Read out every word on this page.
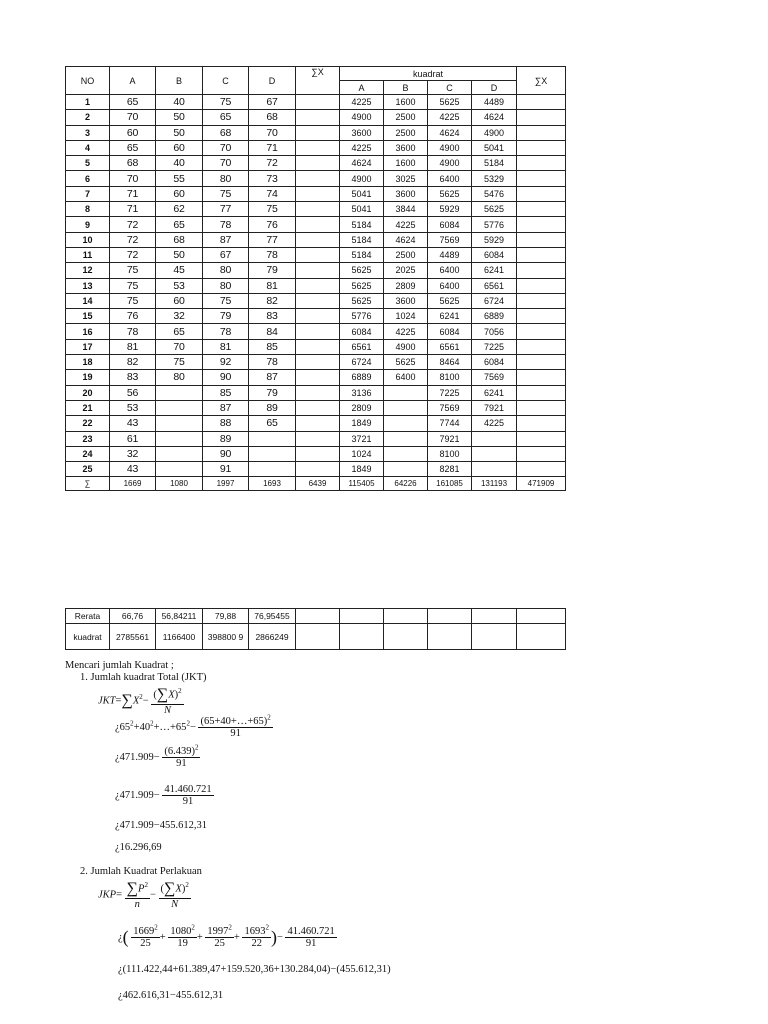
NO	A	B	C	D	∑X	kuadrat				∑X
						A	B	C	D	
1	65	40	75	67		4225	1600	5625	4489	
2	70	50	65	68		4900	2500	4225	4624	
3	60	50	68	70		3600	2500	4624	4900	
4	65	60	70	71		4225	3600	4900	5041	
5	68	40	70	72		4624	1600	4900	5184	
6	70	55	80	73		4900	3025	6400	5329	
7	71	60	75	74		5041	3600	5625	5476	
8	71	62	77	75		5041	3844	5929	5625	
9	72	65	78	76		5184	4225	6084	5776	
10	72	68	87	77		5184	4624	7569	5929	
11	72	50	67	78		5184	2500	4489	6084	
12	75	45	80	79		5625	2025	6400	6241	
13	75	53	80	81		5625	2809	6400	6561	
14	75	60	75	82		5625	3600	5625	6724	
15	76	32	79	83		5776	1024	6241	6889	
16	78	65	78	84		6084	4225	6084	7056	
17	81	70	81	85		6561	4900	6561	7225	
18	82	75	92	78		6724	5625	8464	6084	
19	83	80	90	87		6889	6400	8100	7569	
20	56		85	79		3136		7225	6241	
21	53		87	89		2809		7569	7921	
22	43		88	65		1849		7744	4225	
23	61		89			3721		7921		
24	32		90			1024		8100		
25	43		91			1849		8281		
∑	1669	1080	1997	1693	6439	115405	64226	161085	131193	471909
Rerata	66,76	56,84211	79,88	76,95455						
kuadrat	2785561	1166400	398800 9	2866249						
Mencari jumlah Kuadrat ;
1. Jumlah kuadrat Total (JKT)
$JKT=\sum X^2- \frac{(\sum X)^2}{N}$
¿$65^2+40^2+\dots+65^2- \frac{(65+40+\dots+65)^2}{91}$
¿$471.909- \frac{(6.439)^2}{91}$
¿$471.909- \frac{41.460.721}{91}$
¿471.909−455.612,31
¿16.296,69
2. Jumlah Kuadrat Perlakuan
$JKP= \frac{\sum P^2}{n} - \frac{(\sum X)^2}{N}$
¿( $\frac{1669^2}{25} + \frac{1080^2}{19} + \frac{1997^2}{25} + \frac{1693^2}{22}$ )− $\frac{41.460.721}{91}$
¿(111.422,44+61.389,47+159.520,36+130.284,04)−(455.612,31)
¿462.616,31−455.612,31
